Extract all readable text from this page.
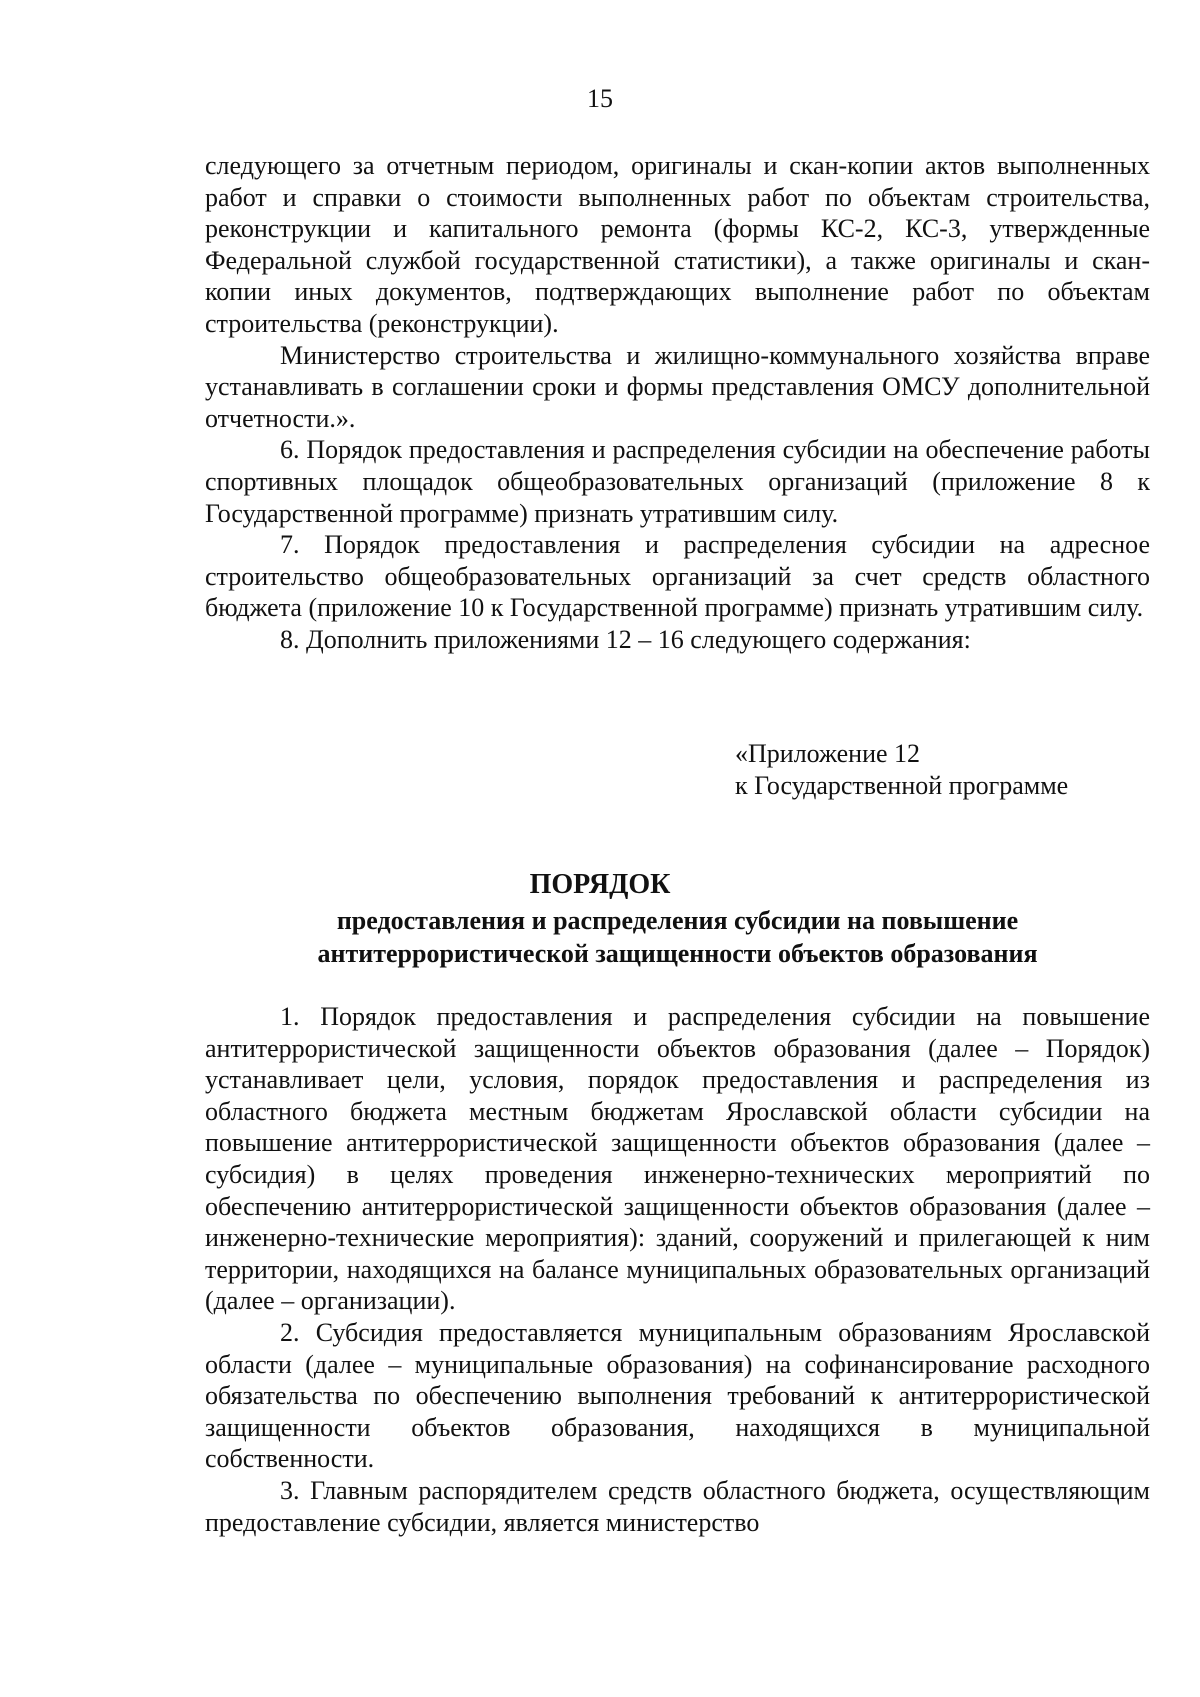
15

следующего за отчетным периодом, оригиналы и скан-копии актов выполненных работ и справки о стоимости выполненных работ по объектам строительства, реконструкции и капитального ремонта (формы КС-2, КС-3, утвержденные Федеральной службой государственной статистики), а также оригиналы и скан-копии иных документов, подтверждающих выполнение работ по объектам строительства (реконструкции).

Министерство строительства и жилищно-коммунального хозяйства вправе устанавливать в соглашении сроки и формы представления ОМСУ дополнительной отчетности.».

6. Порядок предоставления и распределения субсидии на обеспечение работы спортивных площадок общеобразовательных организаций (приложение 8 к Государственной программе) признать утратившим силу.

7. Порядок предоставления и распределения субсидии на адресное строительство общеобразовательных организаций за счет средств областного бюджета (приложение 10 к Государственной программе) признать утратившим силу.

8. Дополнить приложениями 12 – 16 следующего содержания:

«Приложение 12
к Государственной программе
ПОРЯДОК
предоставления и распределения субсидии на повышение
антитеррористической защищенности объектов образования

1. Порядок предоставления и распределения субсидии на повышение антитеррористической защищенности объектов образования (далее – Порядок) устанавливает цели, условия, порядок предоставления и распределения из областного бюджета местным бюджетам Ярославской области субсидии на повышение антитеррористической защищенности объектов образования (далее – субсидия) в целях проведения инженерно-технических мероприятий по обеспечению антитеррористической защищенности объектов образования (далее – инженерно-технические мероприятия): зданий, сооружений и прилегающей к ним территории, находящихся на балансе муниципальных образовательных организаций (далее – организации).

2. Субсидия предоставляется муниципальным образованиям Ярославской области (далее – муниципальные образования) на софинансирование расходного обязательства по обеспечению выполнения требований к антитеррористической защищенности объектов образования, находящихся в муниципальной собственности.

3. Главным распорядителем средств областного бюджета, осуществляющим предоставление субсидии, является министерство
